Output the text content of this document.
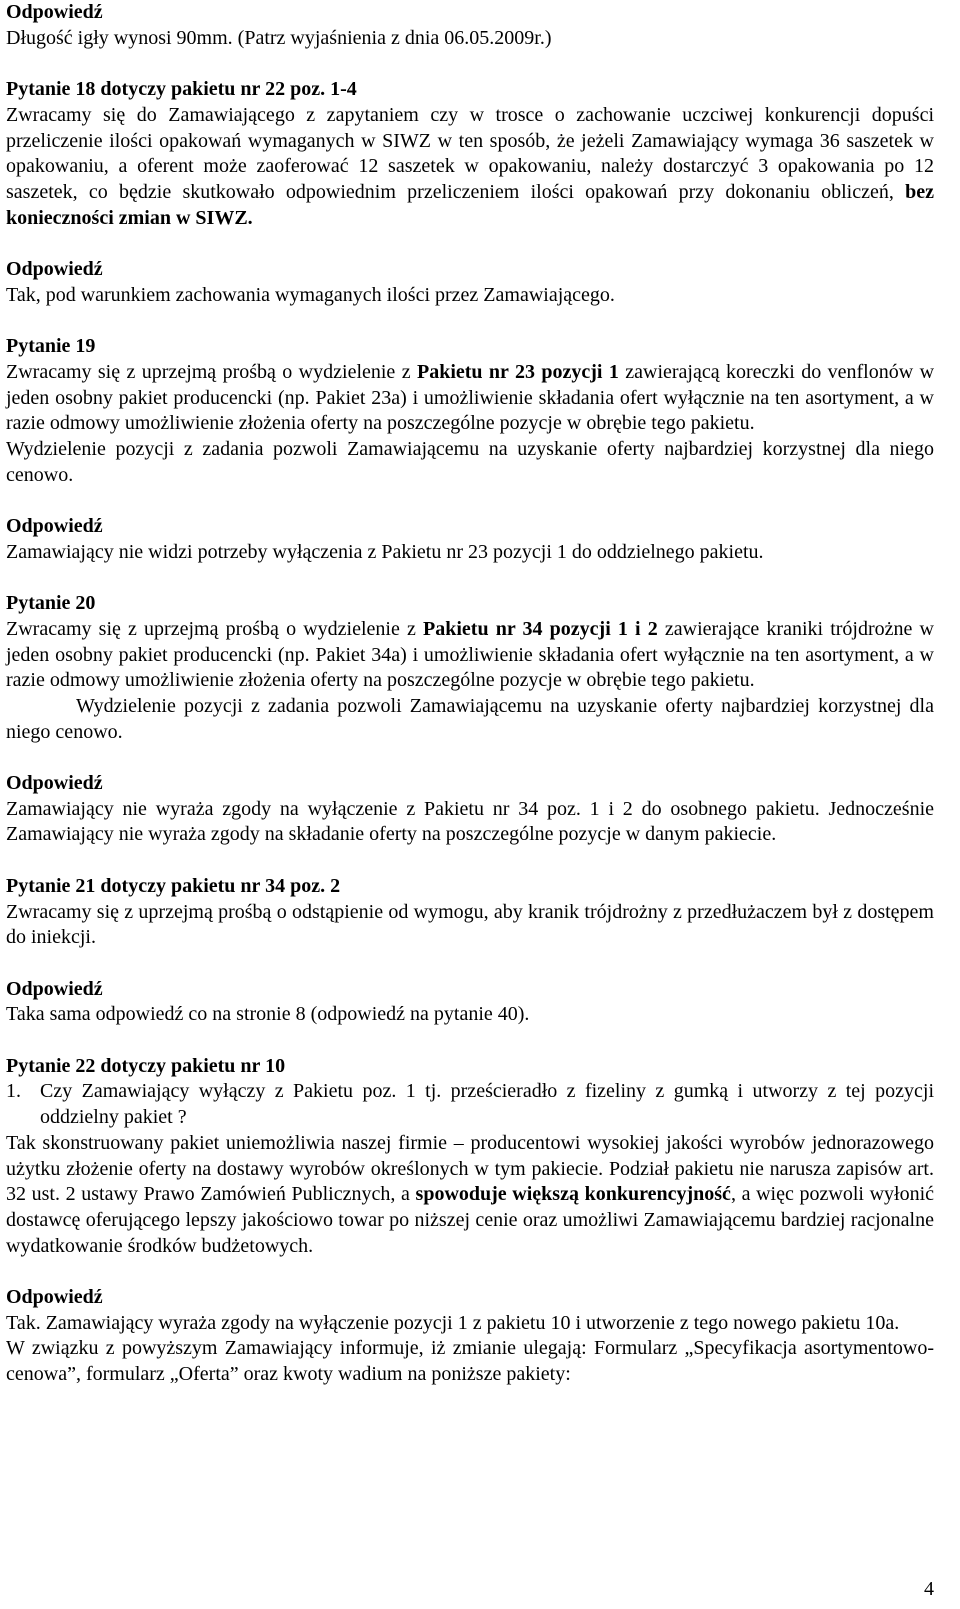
Odpowiedź
Długość igły wynosi 90mm. (Patrz wyjaśnienia z dnia 06.05.2009r.)
Pytanie 18 dotyczy pakietu nr 22 poz. 1-4
Zwracamy się do Zamawiającego z zapytaniem czy w trosce o zachowanie uczciwej konkurencji dopuści przeliczenie ilości opakowań wymaganych w SIWZ w ten sposób, że jeżeli Zamawiający wymaga 36 saszetek w opakowaniu, a oferent może zaoferować 12 saszetek w opakowaniu, należy dostarczyć 3 opakowania po 12 saszetek, co będzie skutkowało odpowiednim przeliczeniem ilości opakowań przy dokonaniu obliczeń, bez konieczności zmian w SIWZ.
Odpowiedź
Tak, pod warunkiem zachowania wymaganych ilości przez Zamawiającego.
Pytanie 19
Zwracamy się z uprzejmą prośbą o wydzielenie z Pakietu nr 23 pozycji 1 zawierającą koreczki do venflonów w jeden osobny pakiet producencki (np. Pakiet 23a) i umożliwienie składania ofert wyłącznie na ten asortyment, a w razie odmowy umożliwienie złożenia oferty na poszczególne pozycje w obrębie tego pakietu.
Wydzielenie pozycji z zadania pozwoli Zamawiającemu na uzyskanie oferty najbardziej korzystnej dla niego cenowo.
Odpowiedź
Zamawiający nie widzi potrzeby wyłączenia z Pakietu nr 23 pozycji 1 do oddzielnego pakietu.
Pytanie 20
Zwracamy się z uprzejmą prośbą o wydzielenie z Pakietu nr 34 pozycji 1 i 2 zawierające kraniki trójdrożne w jeden osobny pakiet producencki (np. Pakiet 34a) i umożliwienie składania ofert wyłącznie na ten asortyment, a w razie odmowy umożliwienie złożenia oferty na poszczególne pozycje w obrębie tego pakietu.
Wydzielenie pozycji z zadania pozwoli Zamawiającemu na uzyskanie oferty najbardziej korzystnej dla niego cenowo.
Odpowiedź
Zamawiający nie wyraża zgody na wyłączenie z Pakietu nr 34 poz. 1 i 2 do osobnego pakietu. Jednocześnie Zamawiający nie wyraża zgody na składanie oferty na poszczególne pozycje w danym pakiecie.
Pytanie 21 dotyczy pakietu nr 34 poz. 2
Zwracamy się z uprzejmą prośbą o odstąpienie od wymogu, aby kranik trójdrożny z przedłużaczem był z dostępem do iniekcji.
Odpowiedź
Taka sama odpowiedź co na stronie 8 (odpowiedź na pytanie 40).
Pytanie 22 dotyczy pakietu nr 10
1. Czy Zamawiający wyłączy z Pakietu poz. 1 tj. prześcieradło z fizeliny z gumką i utworzy z tej pozycji oddzielny pakiet ?
Tak skonstruowany pakiet uniemożliwia naszej firmie – producentowi wysokiej jakości wyrobów jednorazowego użytku złożenie oferty na dostawy wyrobów określonych w tym pakiecie. Podział pakietu nie narusza zapisów art. 32 ust. 2 ustawy Prawo Zamówień Publicznych, a spowoduje większą konkurencyjność, a więc pozwoli wyłonić dostawcę oferującego lepszy jakościowo towar po niższej cenie oraz umożliwi Zamawiającemu bardziej racjonalne wydatkowanie środków budżetowych.
Odpowiedź
Tak. Zamawiający wyraża zgody na wyłączenie pozycji 1 z pakietu 10 i utworzenie z tego nowego pakietu 10a.
W związku z powyższym Zamawiający informuje, iż zmianie ulegają: Formularz „Specyfikacja asortymentowo-cenowa”, formularz „Oferta” oraz kwoty wadium na poniższe pakiety:
4
